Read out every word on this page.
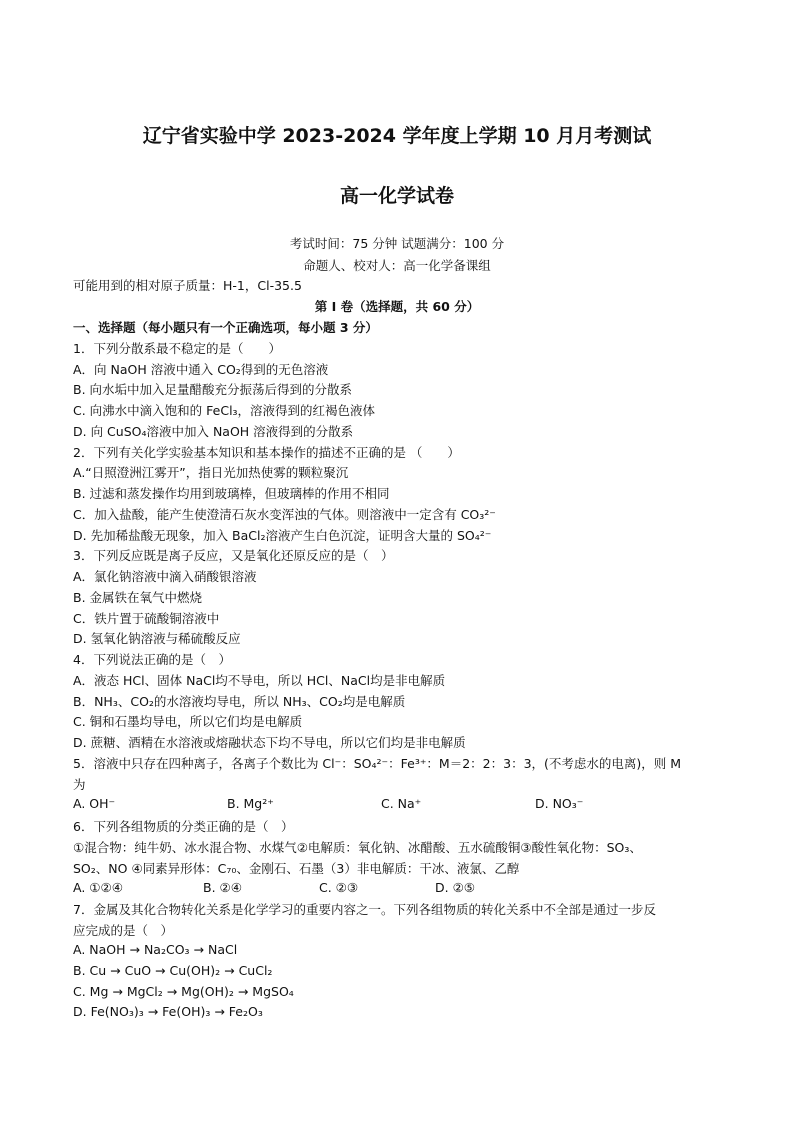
辽宁省实验中学 2023-2024 学年度上学期 10 月月考测试
高一化学试卷
考试时间：75 分钟 试题满分：100 分
命题人、校对人：高一化学备课组
可能用到的相对原子质量：H-1，Cl-35.5
第 I 卷（选择题，共 60 分）
一、选择题（每小题只有一个正确选项，每小题 3 分）
1．下列分散系最不稳定的是（　　）
A．向 NaOH 溶液中通入 CO₂得到的无色溶液
B. 向水垢中加入足量醋酸充分振荡后得到的分散系
C. 向沸水中滴入饱和的 FeCl₃，溶液得到的红褐色液体
D. 向 CuSO₄溶液中加入 NaOH 溶液得到的分散系
2．下列有关化学实验基本知识和基本操作的描述不正确的是 （　　）
A.“日照澄洲江雾开”，指日光加热使雾的颗粒聚沉
B. 过滤和蒸发操作均用到玻璃棒，但玻璃棒的作用不相同
C．加入盐酸，能产生使澄清石灰水变浑浊的气体。则溶液中一定含有 CO₃²⁻
D. 先加稀盐酸无现象，加入 BaCl₂溶液产生白色沉淀，证明含大量的 SO₄²⁻
3．下列反应既是离子反应，又是氧化还原反应的是（　）
A．氯化钠溶液中滴入硝酸银溶液
B. 金属铁在氧气中燃烧
C．铁片置于硫酸铜溶液中
D. 氢氧化钠溶液与稀硫酸反应
4．下列说法正确的是（　）
A．液态 HCl、固体 NaCl均不导电，所以 HCl、NaCl均是非电解质
B．NH₃、CO₂的水溶液均导电，所以 NH₃、CO₂均是电解质
C. 铜和石墨均导电，所以它们均是电解质
D. 蔗糖、酒精在水溶液或熔融状态下均不导电，所以它们均是非电解质
5．溶液中只存在四种离子，各离子个数比为 Cl⁻：SO₄²⁻：Fe³⁺：M＝2：2：3：3，(不考虑水的电离)，则 M
为
A. OH⁻	B. Mg²⁺	C. Na⁺	D. NO₃⁻
6．下列各组物质的分类正确的是（　）
①混合物：纯牛奶、冰水混合物、水煤气②电解质：氧化钠、冰醋酸、五水硫酸铜③酸性氧化物：SO₃、
SO₂、NO ④同素异形体：C₇₀、金刚石、石墨（3）非电解质：干冰、液氯、乙醇
A. ①②④	B. ②④	C. ②③	D. ②⑤
7．金属及其化合物转化关系是化学学习的重要内容之一。下列各组物质的转化关系中不全部是通过一步反
应完成的是（　）
A. NaOH → Na₂CO₃ → NaCl
B. Cu → CuO → Cu(OH)₂ → CuCl₂
C. Mg → MgCl₂ → Mg(OH)₂ → MgSO₄
D. Fe(NO₃)₃ → Fe(OH)₃ → Fe₂O₃
